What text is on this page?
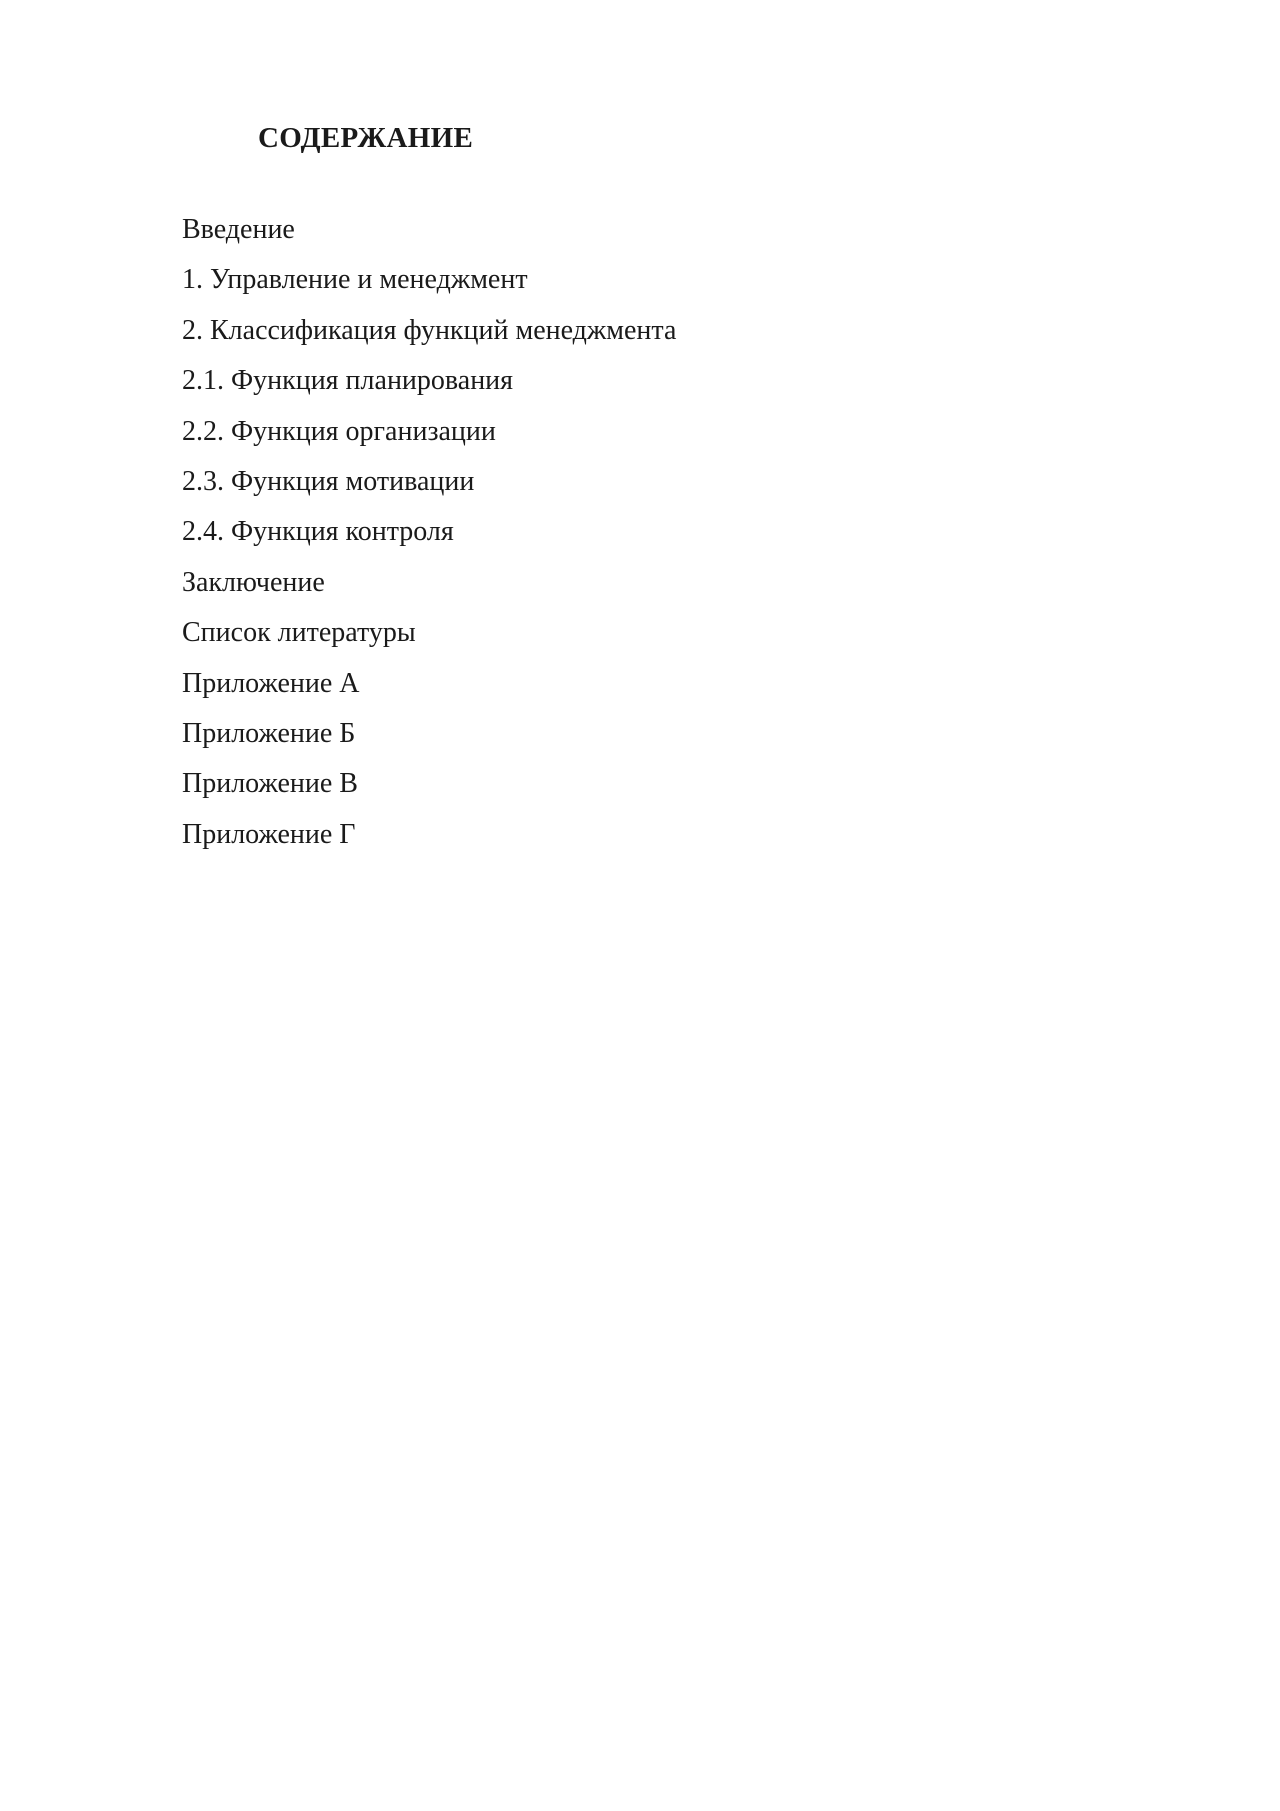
СОДЕРЖАНИЕ
Введение
1. Управление и менеджмент
2. Классификация функций менеджмента
2.1. Функция планирования
2.2. Функция организации
2.3. Функция мотивации
2.4. Функция контроля
Заключение
Список литературы
Приложение А
Приложение Б
Приложение В
Приложение Г
